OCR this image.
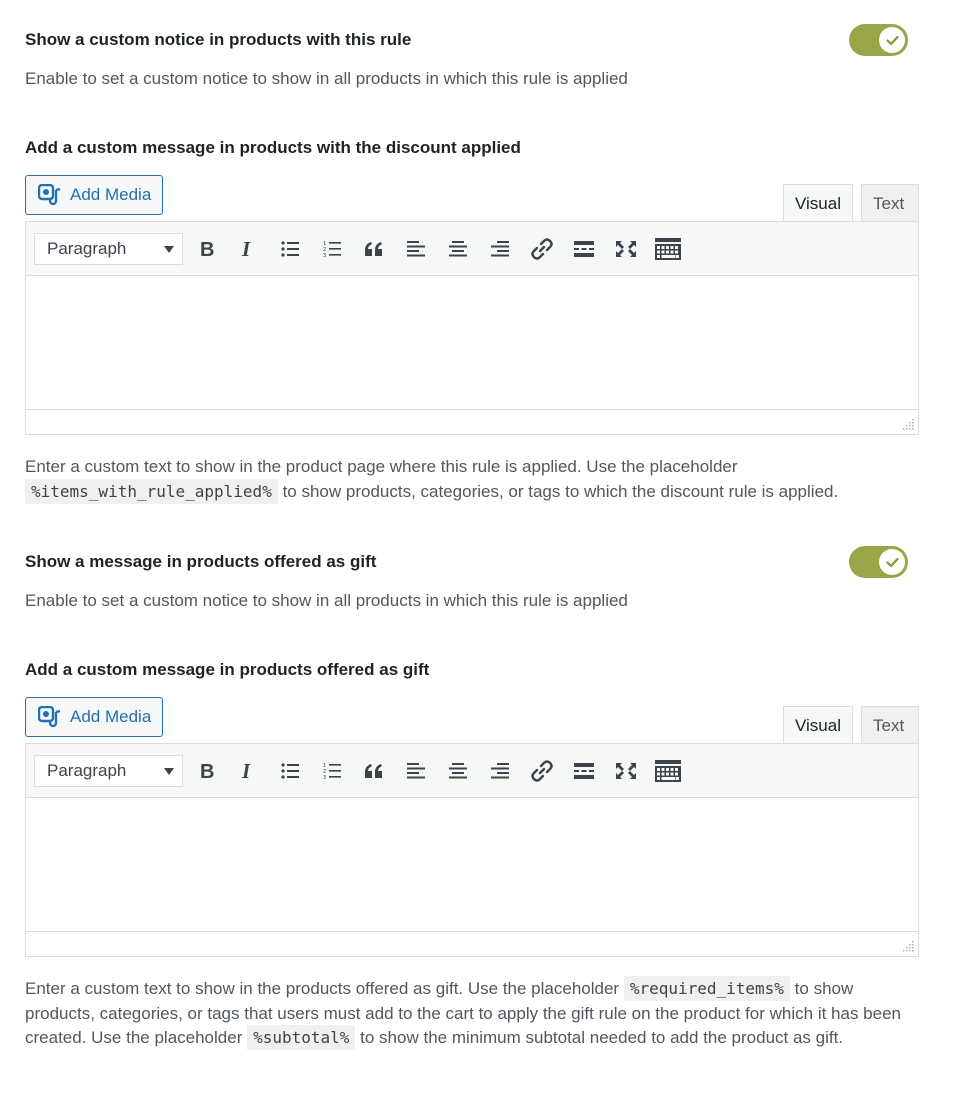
Show a custom notice in products with this rule
Enable to set a custom notice to show in all products in which this rule is applied
Add a custom message in products with the discount applied
Add Media	Visual	Text
Paragraph	B I	1
2
3
Enter a custom text to show in the product page where this rule is applied. Use the placeholder
%items_with_rule_applied% to show products, categories, or tags to which the discount rule is applied.
Show a message in products offered as gift
Enable to set a custom notice to show in all products in which this rule is applied
Add a custom message in products offered as gift
Add Media	Visual	Text
Paragraph	B I	1
2
3
Enter a custom text to show in the products offered as gift. Use the placeholder %required_items% to show products, categories, or tags that users must add to the cart to apply the gift rule on the product for which it has been created. Use the placeholder %subtotal% to show the minimum subtotal needed to add the product as gift.
